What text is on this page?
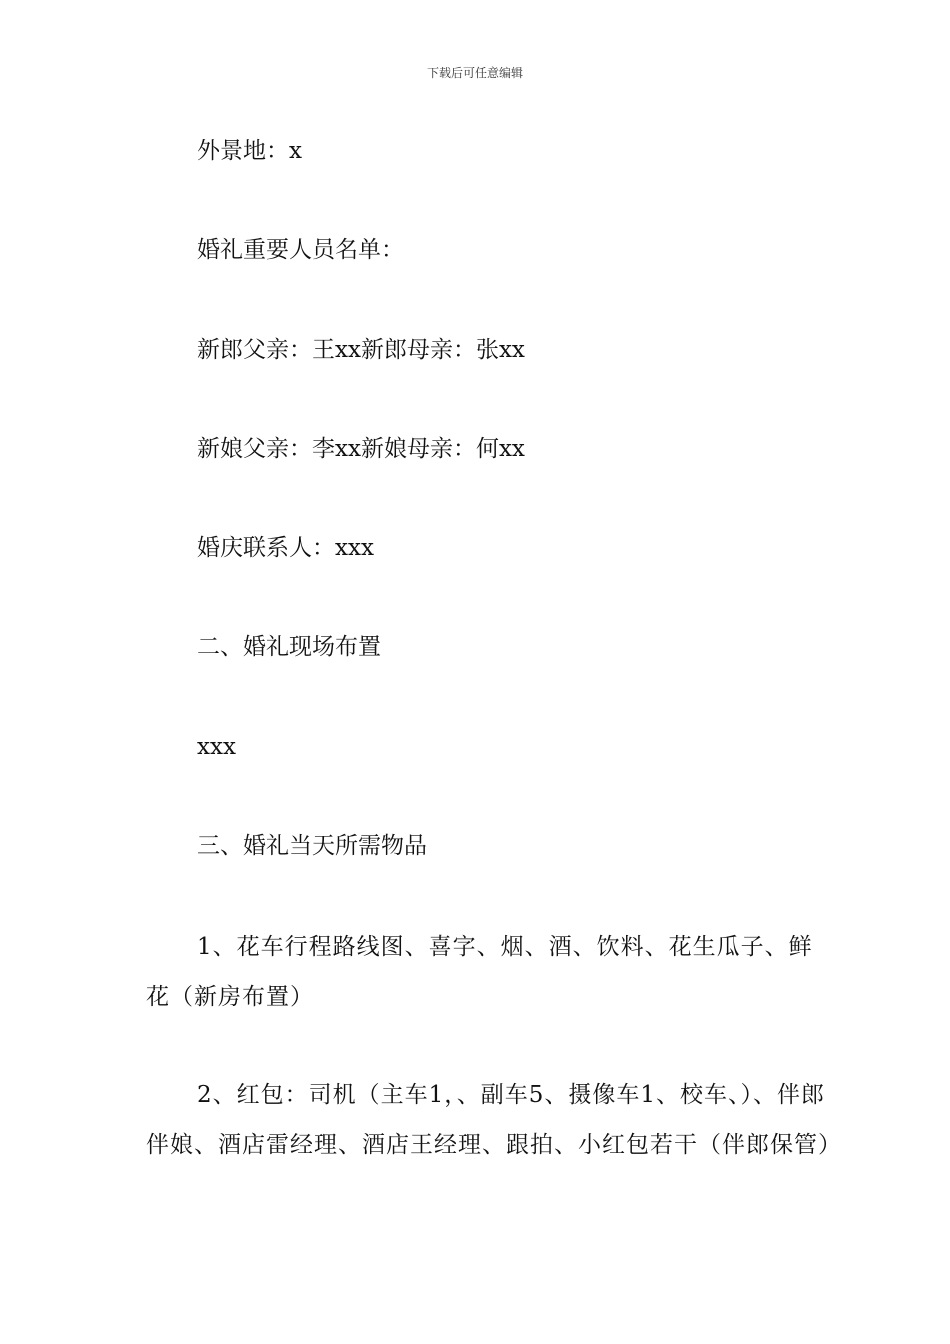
下载后可任意编辑
外景地：x
婚礼重要人员名单：
新郎父亲：王xx新郎母亲：张xx
新娘父亲：李xx新娘母亲：何xx
婚庆联系人：xxx
二、婚礼现场布置
xxx
三、婚礼当天所需物品
1、花车行程路线图、喜字、烟、酒、饮料、花生瓜子、鲜花（新房布置）
2、红包：司机（主车1，、副车5、摄像车1、校车、）、伴郎伴娘、酒店雷经理、酒店王经理、跟拍、小红包若干（伴郎保管）
